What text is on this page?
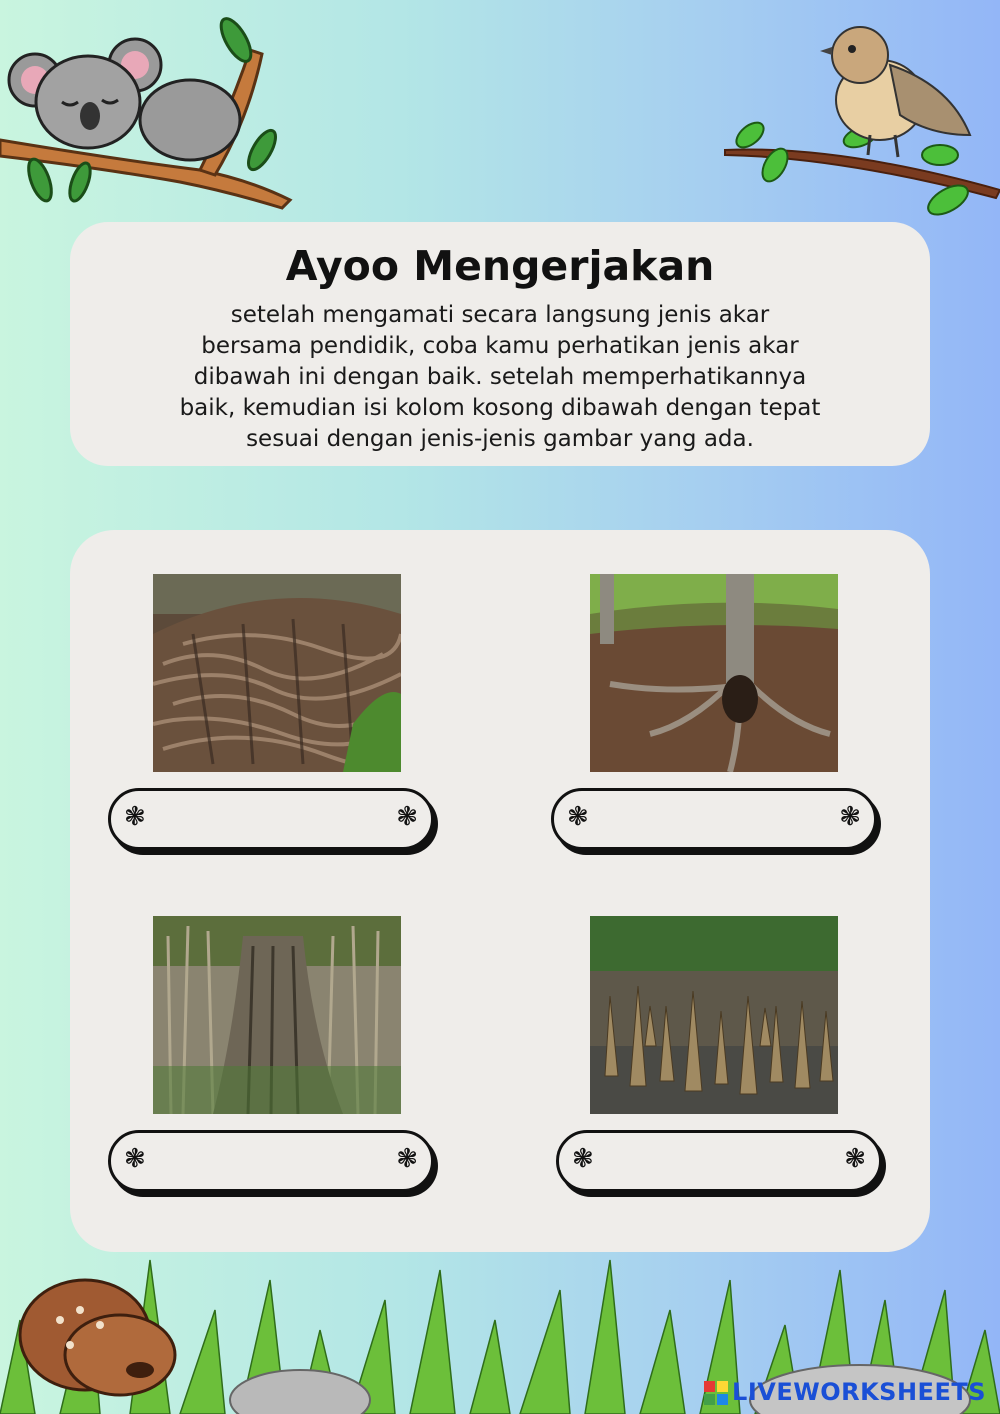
Ayoo Mengerjakan
setelah mengamati secara langsung jenis akar
bersama pendidik, coba kamu perhatikan jenis akar
dibawah ini dengan baik. setelah memperhatikannya
baik, kemudian isi kolom kosong dibawah dengan tepat
sesuai dengan jenis-jenis gambar yang ada.
❃	❃	❃	❃
❃	❃	❃	❃
LIVEWORKSHEETS
